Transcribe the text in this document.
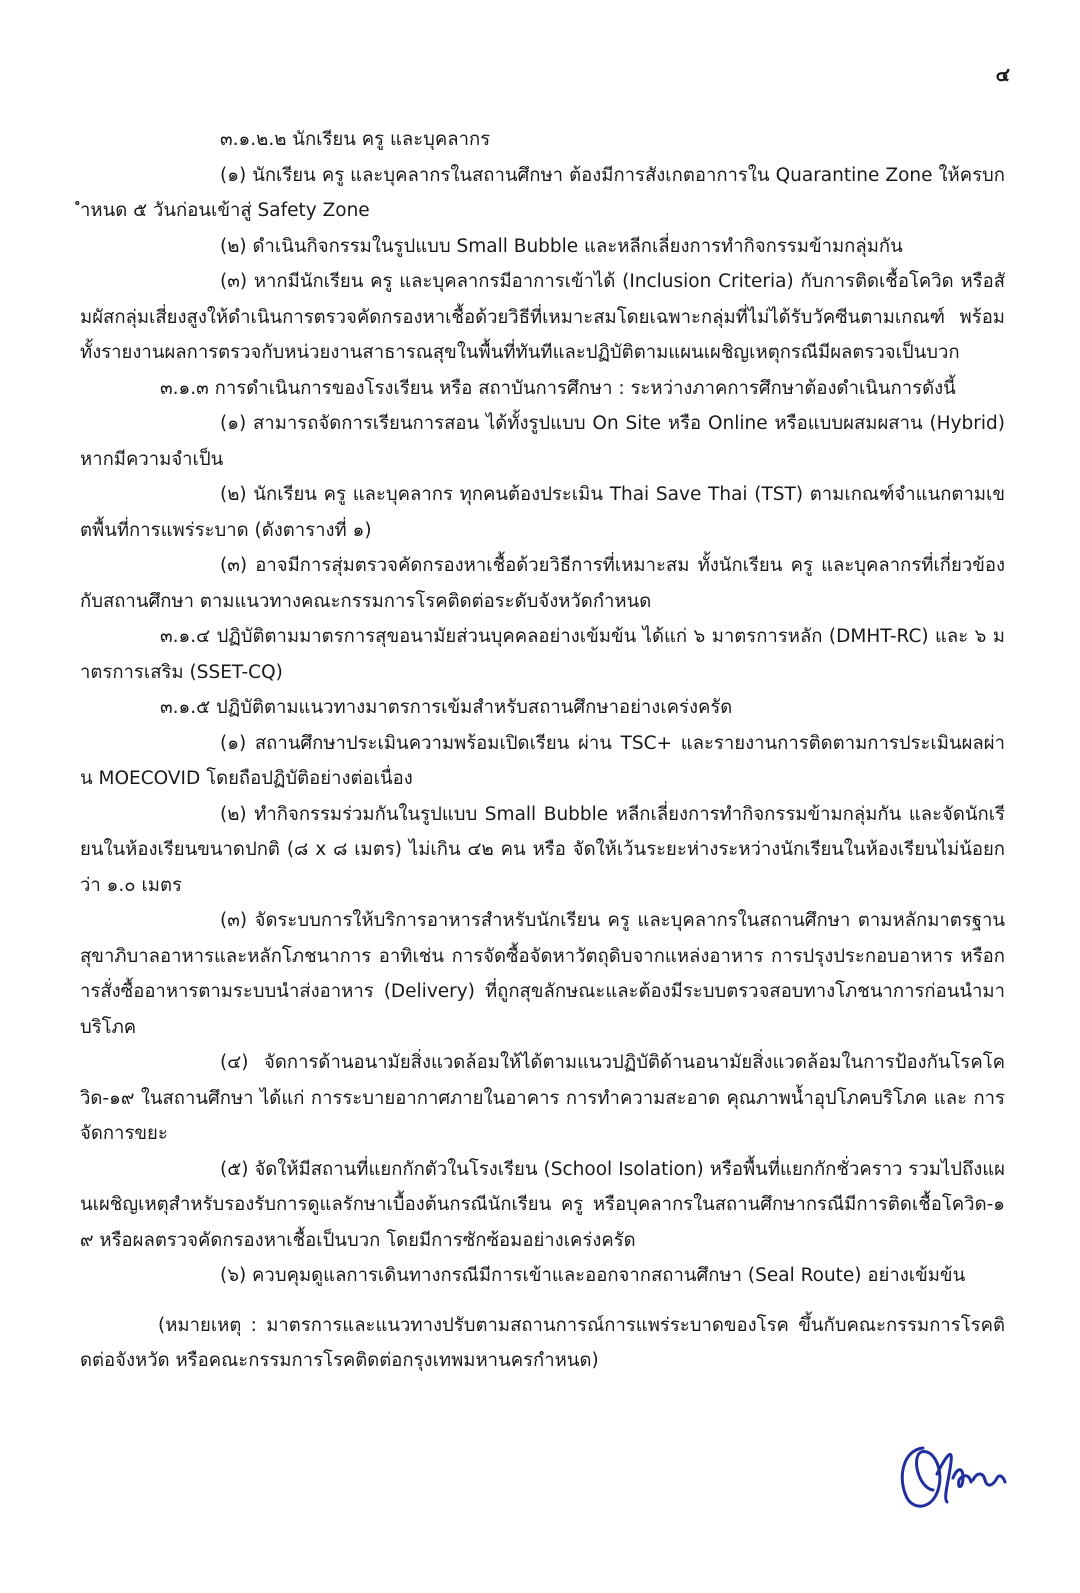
๔

๓.๑.๒.๒ นักเรียน ครู และบุคลากร

(๑) นักเรียน ครู และบุคลากรในสถานศึกษา ต้องมีการสังเกตอาการใน Quarantine Zone ให้ครบกำหนด ๕ วันก่อนเข้าสู่ Safety Zone

(๒) ดำเนินกิจกรรมในรูปแบบ Small Bubble และหลีกเลี่ยงการทำกิจกรรมข้ามกลุ่มกัน

(๓) หากมีนักเรียน ครู และบุคลากรมีอาการเข้าได้ (Inclusion Criteria) กับการติดเชื้อโควิด หรือสัมผัสกลุ่มเสี่ยงสูงให้ดำเนินการตรวจคัดกรองหาเชื้อด้วยวิธีที่เหมาะสมโดยเฉพาะกลุ่มที่ไม่ได้รับวัคซีนตามเกณฑ์ พร้อมทั้งรายงานผลการตรวจกับหน่วยงานสาธารณสุขในพื้นที่ทันทีและปฏิบัติตามแผนเผชิญเหตุกรณีมีผลตรวจเป็นบวก

๓.๑.๓ การดำเนินการของโรงเรียน หรือ สถาบันการศึกษา : ระหว่างภาคการศึกษาต้องดำเนินการดังนี้

(๑) สามารถจัดการเรียนการสอน ได้ทั้งรูปแบบ On Site หรือ Online หรือแบบผสมผสาน (Hybrid) หากมีความจำเป็น

(๒) นักเรียน ครู และบุคลากร ทุกคนต้องประเมิน Thai Save Thai (TST) ตามเกณฑ์จำแนกตามเขตพื้นที่การแพร่ระบาด (ดังตารางที่ ๑)

(๓) อาจมีการสุ่มตรวจคัดกรองหาเชื้อด้วยวิธีการที่เหมาะสม ทั้งนักเรียน ครู และบุคลากรที่เกี่ยวข้องกับสถานศึกษา ตามแนวทางคณะกรรมการโรคติดต่อระดับจังหวัดกำหนด

๓.๑.๔ ปฏิบัติตามมาตรการสุขอนามัยส่วนบุคคลอย่างเข้มข้น ได้แก่ ๖ มาตรการหลัก (DMHT-RC) และ ๖ มาตรการเสริม (SSET-CQ)

๓.๑.๕ ปฏิบัติตามแนวทางมาตรการเข้มสำหรับสถานศึกษาอย่างเคร่งครัด

(๑) สถานศึกษาประเมินความพร้อมเปิดเรียน ผ่าน TSC+ และรายงานการติดตามการประเมินผลผ่าน MOECOVID โดยถือปฏิบัติอย่างต่อเนื่อง

(๒) ทำกิจกรรมร่วมกันในรูปแบบ Small Bubble หลีกเลี่ยงการทำกิจกรรมข้ามกลุ่มกัน และจัดนักเรียนในห้องเรียนขนาดปกติ (๘ x ๘ เมตร) ไม่เกิน ๔๒ คน หรือ จัดให้เว้นระยะห่างระหว่างนักเรียนในห้องเรียนไม่น้อยกว่า ๑.๐ เมตร

(๓) จัดระบบการให้บริการอาหารสำหรับนักเรียน ครู และบุคลากรในสถานศึกษา ตามหลักมาตรฐานสุขาภิบาลอาหารและหลักโภชนาการ อาทิเช่น การจัดซื้อจัดหาวัตถุดิบจากแหล่งอาหาร การปรุงประกอบอาหาร หรือการสั่งซื้ออาหารตามระบบนำส่งอาหาร (Delivery) ที่ถูกสุขลักษณะและต้องมีระบบตรวจสอบทางโภชนาการก่อนนำมาบริโภค

(๔) จัดการด้านอนามัยสิ่งแวดล้อมให้ได้ตามแนวปฏิบัติด้านอนามัยสิ่งแวดล้อมในการป้องกันโรคโควิด-๑๙ ในสถานศึกษา ได้แก่ การระบายอากาศภายในอาคาร การทำความสะอาด คุณภาพน้ำอุปโภคบริโภค และ การจัดการขยะ

(๕) จัดให้มีสถานที่แยกกักตัวในโรงเรียน (School Isolation) หรือพื้นที่แยกกักชั่วคราว รวมไปถึงแผนเผชิญเหตุสำหรับรองรับการดูแลรักษาเบื้องต้นกรณีนักเรียน ครู หรือบุคลากรในสถานศึกษากรณีมีการติดเชื้อโควิด-๑๙ หรือผลตรวจคัดกรองหาเชื้อเป็นบวก โดยมีการซักซ้อมอย่างเคร่งครัด

(๖) ควบคุมดูแลการเดินทางกรณีมีการเข้าและออกจากสถานศึกษา (Seal Route) อย่างเข้มข้น

(หมายเหตุ : มาตรการและแนวทางปรับตามสถานการณ์การแพร่ระบาดของโรค ขึ้นกับคณะกรรมการโรคติดต่อจังหวัด หรือคณะกรรมการโรคติดต่อกรุงเทพมหานครกำหนด)
